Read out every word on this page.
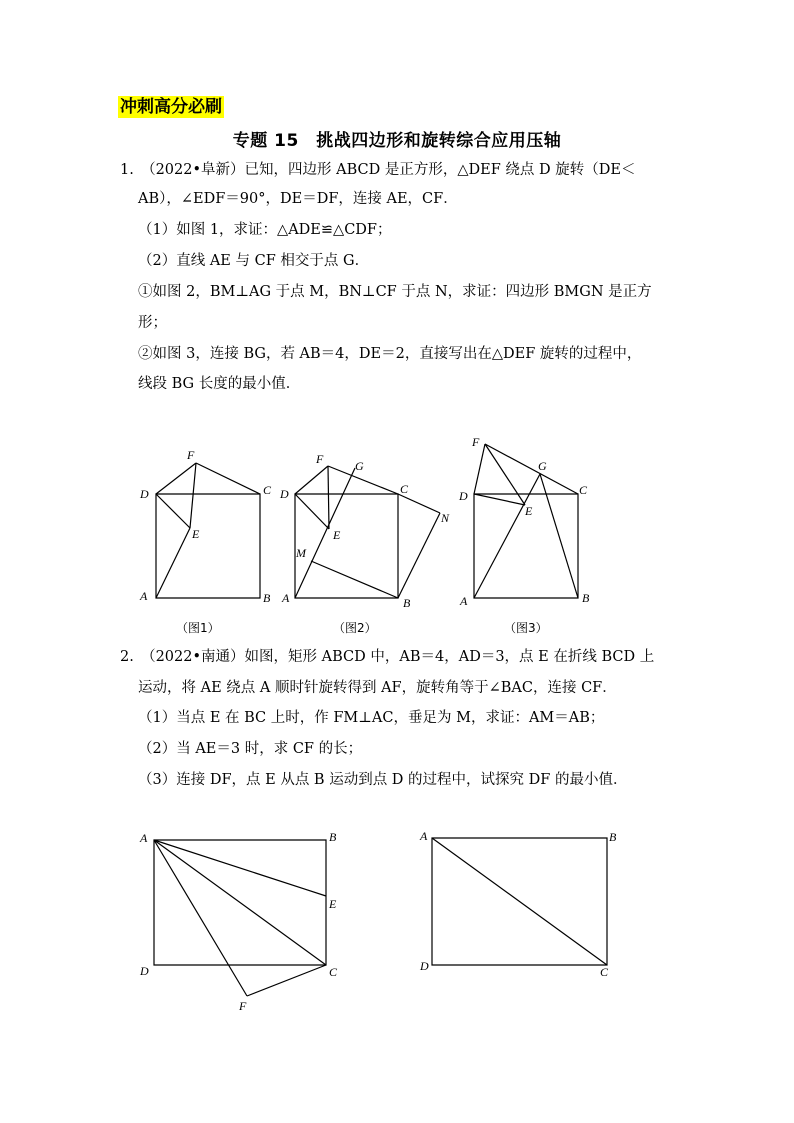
冲刺高分必刷
专题 15　挑战四边形和旋转综合应用压轴
1.　（2022•阜新）已知，四边形 ABCD 是正方形，△DEF 绕点 D 旋转（DE＜
AB），∠EDF＝90°，DE＝DF，连接 AE，CF．
（1）如图 1，求证：△ADE≌△CDF；
（2）直线 AE 与 CF 相交于点 G．
①如图 2，BM⊥AG 于点 M，BN⊥CF 于点 N，求证：四边形 BMGN 是正方
形；
②如图 3，连接 BG，若 AB＝4，DE＝2，直接写出在△DEF 旋转的过程中，
线段 BG 长度的最小值．
F
D	C
E
A	B
（图1）
F	G
D	C
N
E
M
A	B
（图2）
F
G
D	C
E
A	B
（图3）
2.　（2022•南通）如图，矩形 ABCD 中，AB＝4，AD＝3，点 E 在折线 BCD 上
运动，将 AE 绕点 A 顺时针旋转得到 AF，旋转角等于∠BAC，连接 CF．
（1）当点 E 在 BC 上时，作 FM⊥AC，垂足为 M，求证：AM＝AB；
（2）当 AE＝3 时，求 CF 的长；
（3）连接 DF，点 E 从点 B 运动到点 D 的过程中，试探究 DF 的最小值．
A	B
E
D	C
F
A	B
D	C
